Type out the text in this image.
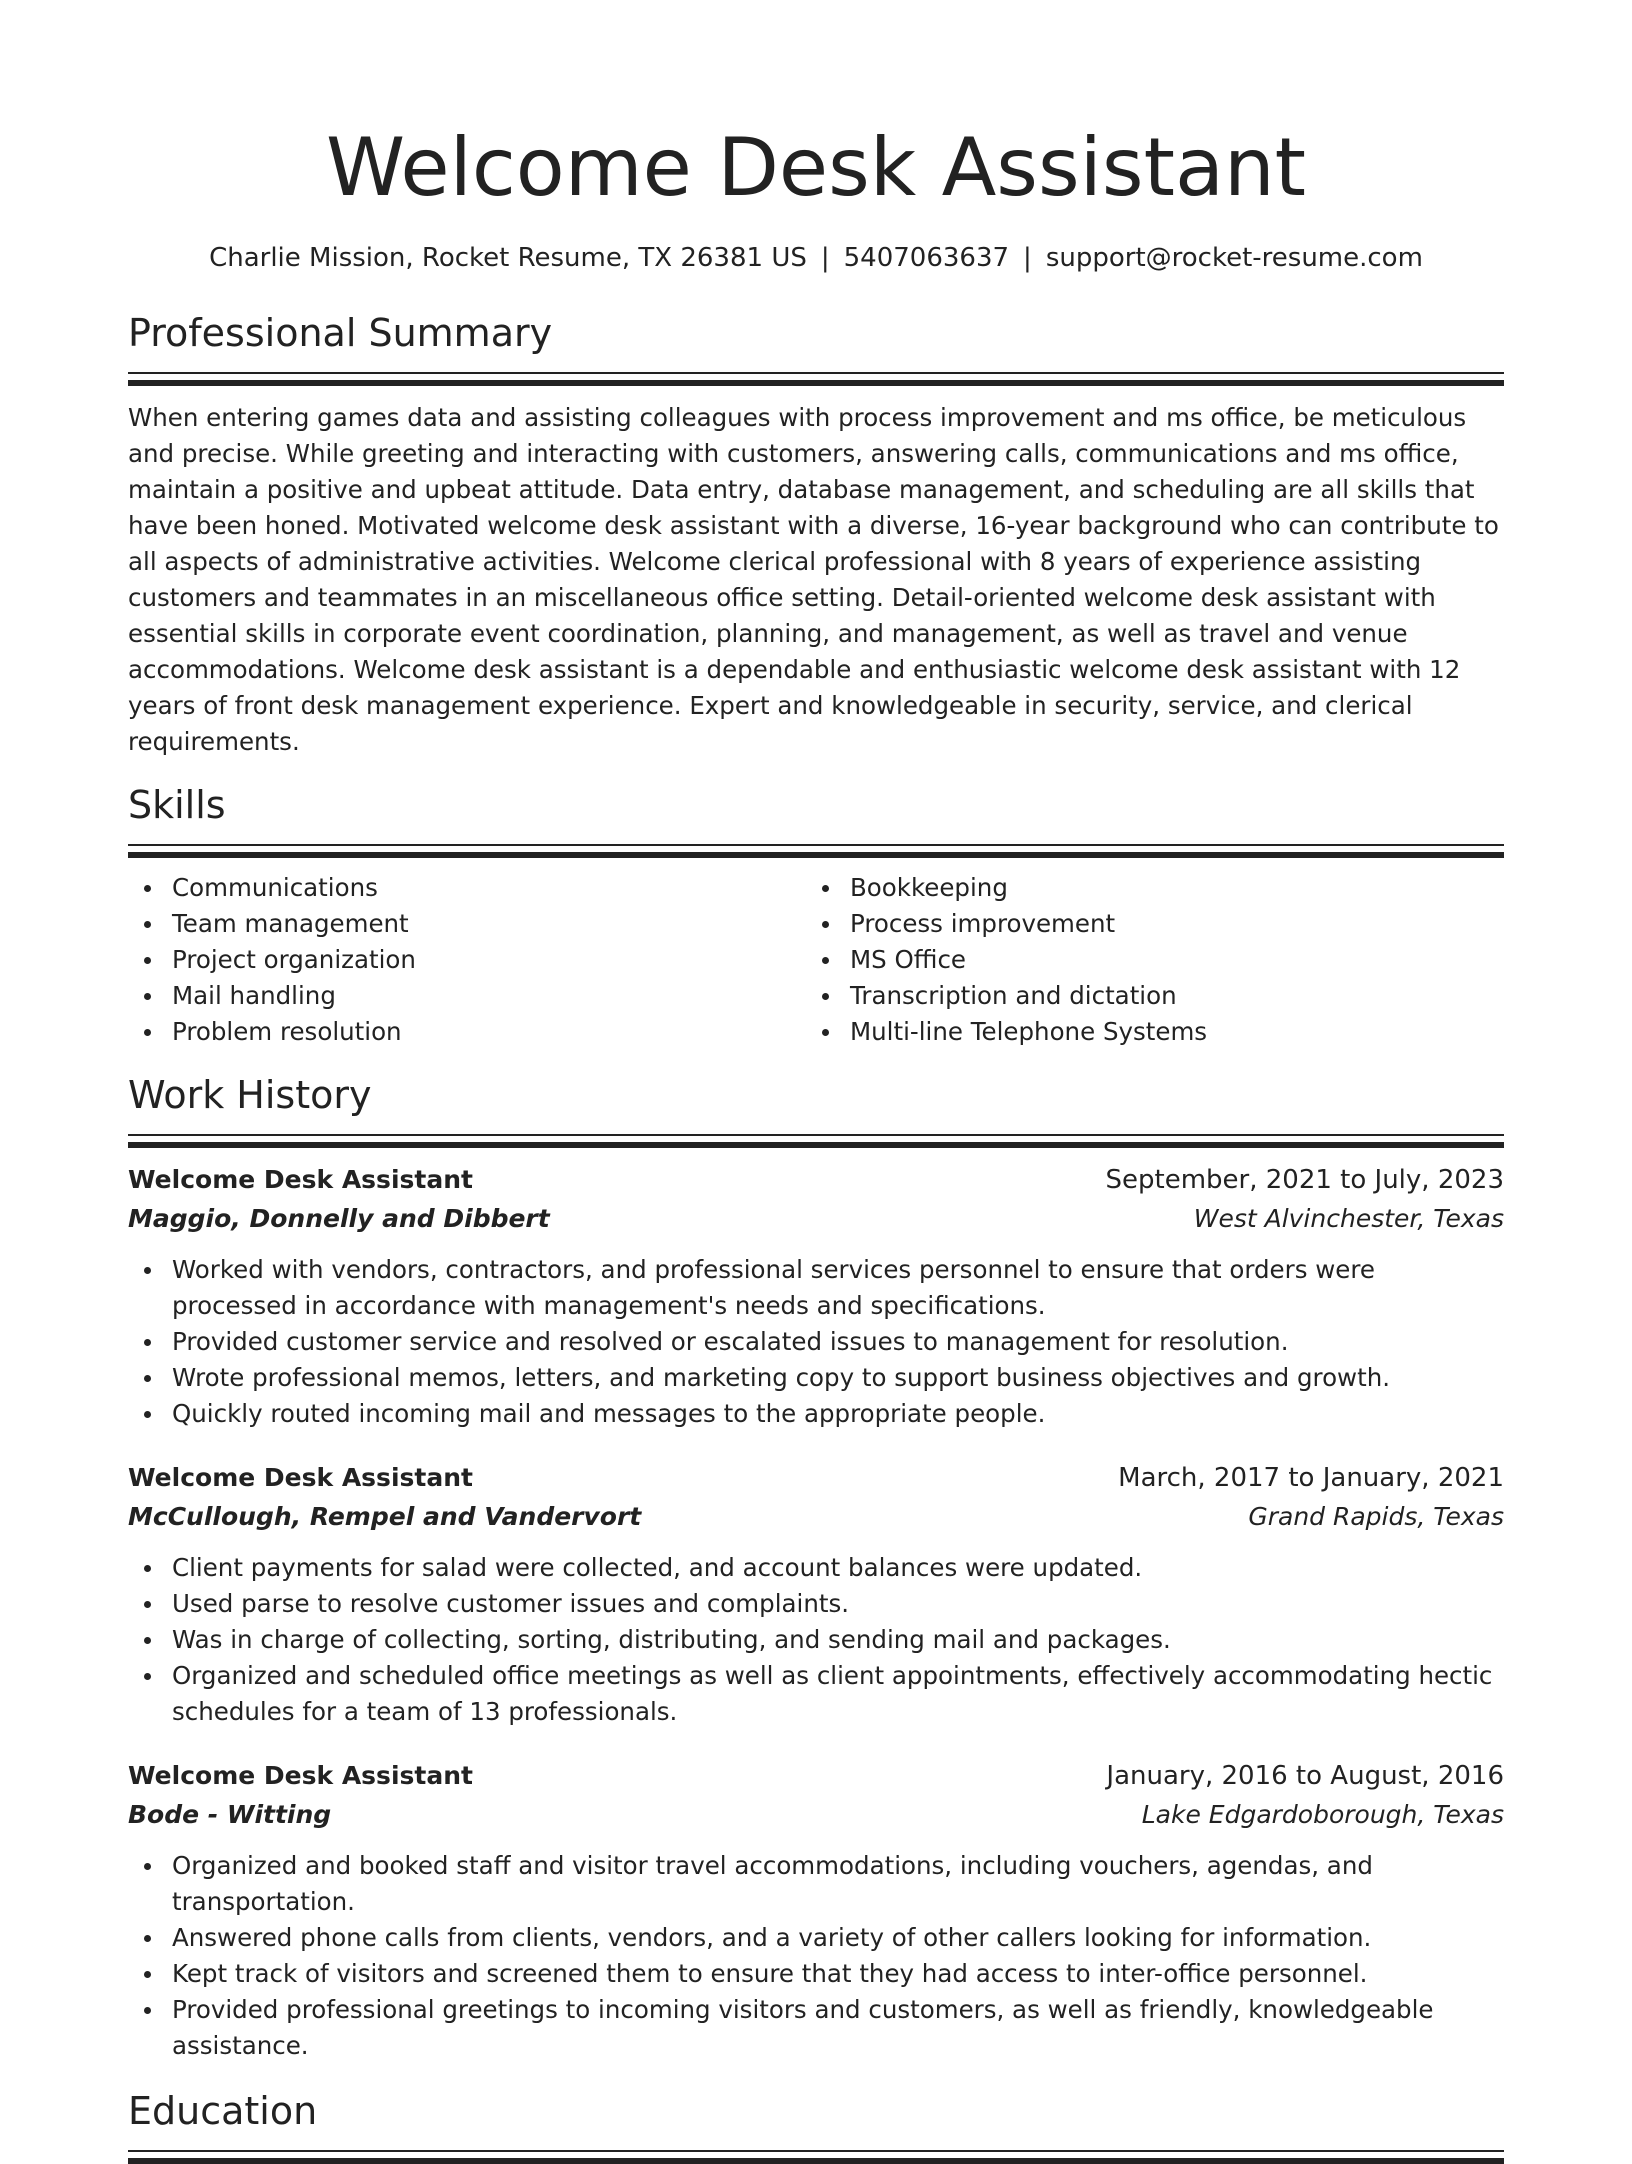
Welcome Desk Assistant
Charlie Mission, Rocket Resume, TX 26381 US | 5407063637 | support@rocket-resume.com
Professional Summary

When entering games data and assisting colleagues with process improvement and ms office, be meticulous and precise. While greeting and interacting with customers, answering calls, communications and ms office, maintain a positive and upbeat attitude. Data entry, database management, and scheduling are all skills that have been honed. Motivated welcome desk assistant with a diverse, 16-year background who can contribute to all aspects of administrative activities. Welcome clerical professional with 8 years of experience assisting customers and teammates in an miscellaneous office setting. Detail-oriented welcome desk assistant with essential skills in corporate event coordination, planning, and management, as well as travel and venue accommodations. Welcome desk assistant is a dependable and enthusiastic welcome desk assistant with 12 years of front desk management experience. Expert and knowledgeable in security, service, and clerical requirements.

Skills
Communications
Team management
Project organization
Mail handling
Problem resolution
Bookkeeping
Process improvement
MS Office
Transcription and dictation
Multi-line Telephone Systems
Work History
Welcome Desk Assistant	September, 2021 to July, 2023
Maggio, Donnelly and Dibbert	West Alvinchester, Texas
Worked with vendors, contractors, and professional services personnel to ensure that orders were processed in accordance with management's needs and specifications.
Provided customer service and resolved or escalated issues to management for resolution.
Wrote professional memos, letters, and marketing copy to support business objectives and growth.
Quickly routed incoming mail and messages to the appropriate people.
Welcome Desk Assistant	March, 2017 to January, 2021
McCullough, Rempel and Vandervort	Grand Rapids, Texas
Client payments for salad were collected, and account balances were updated.
Used parse to resolve customer issues and complaints.
Was in charge of collecting, sorting, distributing, and sending mail and packages.
Organized and scheduled office meetings as well as client appointments, effectively accommodating hectic schedules for a team of 13 professionals.
Welcome Desk Assistant	January, 2016 to August, 2016
Bode - Witting	Lake Edgardoborough, Texas
Organized and booked staff and visitor travel accommodations, including vouchers, agendas, and transportation.
Answered phone calls from clients, vendors, and a variety of other callers looking for information.
Kept track of visitors and screened them to ensure that they had access to inter-office personnel.
Provided professional greetings to incoming visitors and customers, as well as friendly, knowledgeable assistance.
Education
